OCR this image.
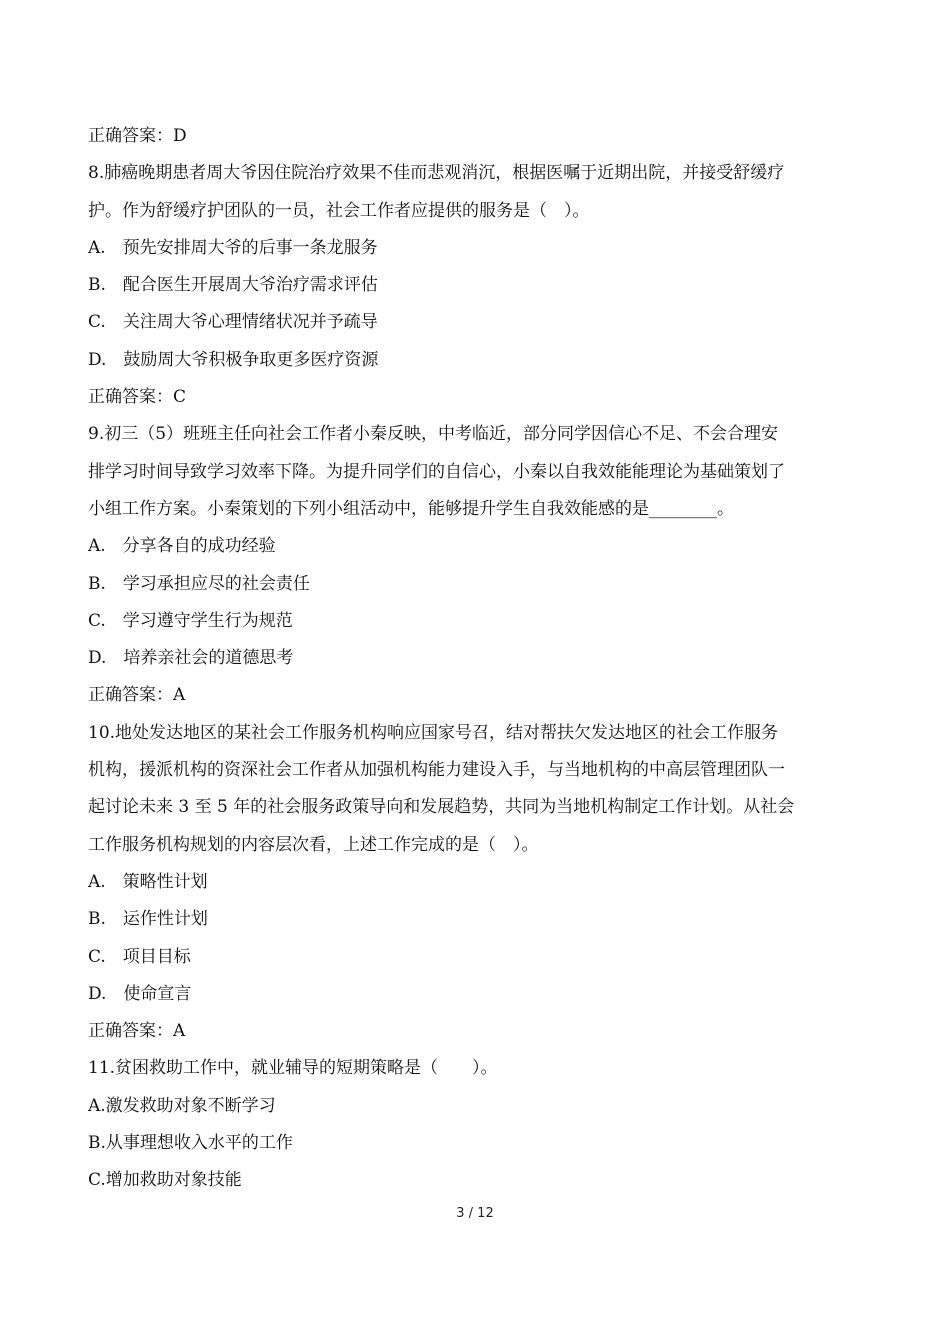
正确答案：D
8.肺癌晚期患者周大爷因住院治疗效果不佳而悲观消沉，根据医嘱于近期出院，并接受舒缓疗
护。作为舒缓疗护团队的一员，社会工作者应提供的服务是（　）。
A.　预先安排周大爷的后事一条龙服务
B.　配合医生开展周大爷治疗需求评估
C.　关注周大爷心理情绪状况并予疏导
D.　鼓励周大爷积极争取更多医疗资源
正确答案：C
9.初三（5）班班主任向社会工作者小秦反映，中考临近，部分同学因信心不足、不会合理安
排学习时间导致学习效率下降。为提升同学们的自信心，小秦以自我效能能理论为基础策划了
小组工作方案。小秦策划的下列小组活动中，能够提升学生自我效能感的是________。
A.　分享各自的成功经验
B.　学习承担应尽的社会责任
C.　学习遵守学生行为规范
D.　培养亲社会的道德思考
正确答案：A
10.地处发达地区的某社会工作服务机构响应国家号召，结对帮扶欠发达地区的社会工作服务
机构，援派机构的资深社会工作者从加强机构能力建设入手，与当地机构的中高层管理团队一
起讨论未来 3 至 5 年的社会服务政策导向和发展趋势，共同为当地机构制定工作计划。从社会
工作服务机构规划的内容层次看，上述工作完成的是（　）。
A.　策略性计划
B.　运作性计划
C.　项目目标
D.　使命宣言
正确答案：A
11.贫困救助工作中，就业辅导的短期策略是（　　）。
A.激发救助对象不断学习
B.从事理想收入水平的工作
C.增加救助对象技能
3 / 12
